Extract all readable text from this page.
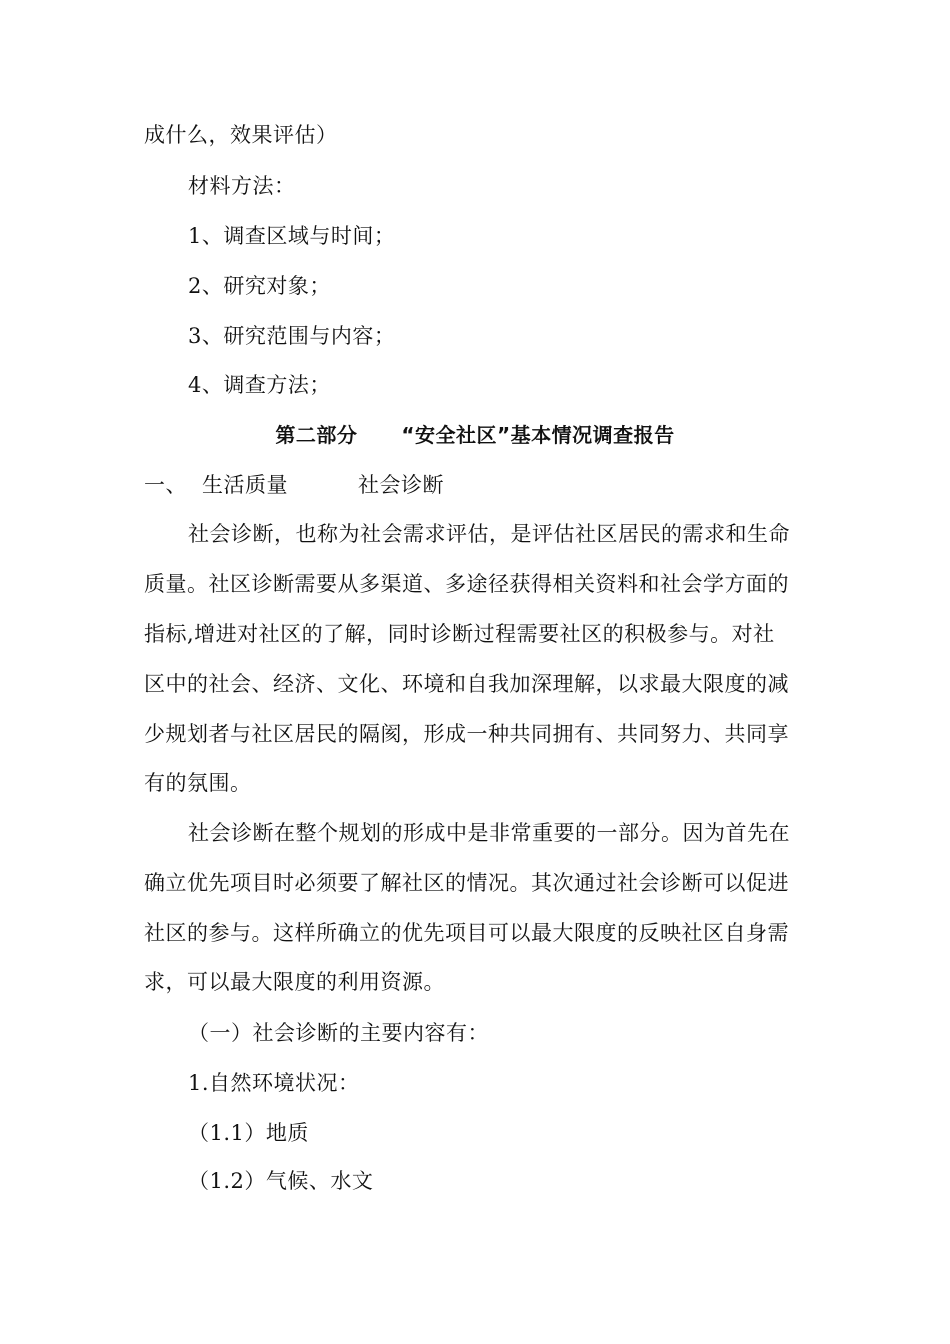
成什么，效果评估）
材料方法：
1、调查区域与时间；
2、研究对象；
3、研究范围与内容；
4、调查方法；
第二部分 “安全社区”基本情况调查报告
一、 生活质量	社会诊断
社会诊断，也称为社会需求评估，是评估社区居民的需求和生命
质量。社区诊断需要从多渠道、多途径获得相关资料和社会学方面的
指标,增进对社区的了解，同时诊断过程需要社区的积极参与。对社
区中的社会、经济、文化、环境和自我加深理解，以求最大限度的减
少规划者与社区居民的隔阂，形成一种共同拥有、共同努力、共同享
有的氛围。
社会诊断在整个规划的形成中是非常重要的一部分。因为首先在
确立优先项目时必须要了解社区的情况。其次通过社会诊断可以促进
社区的参与。这样所确立的优先项目可以最大限度的反映社区自身需
求，可以最大限度的利用资源。
（一）社会诊断的主要内容有：
1.自然环境状况：
（1.1）地质
（1.2）气候、水文
